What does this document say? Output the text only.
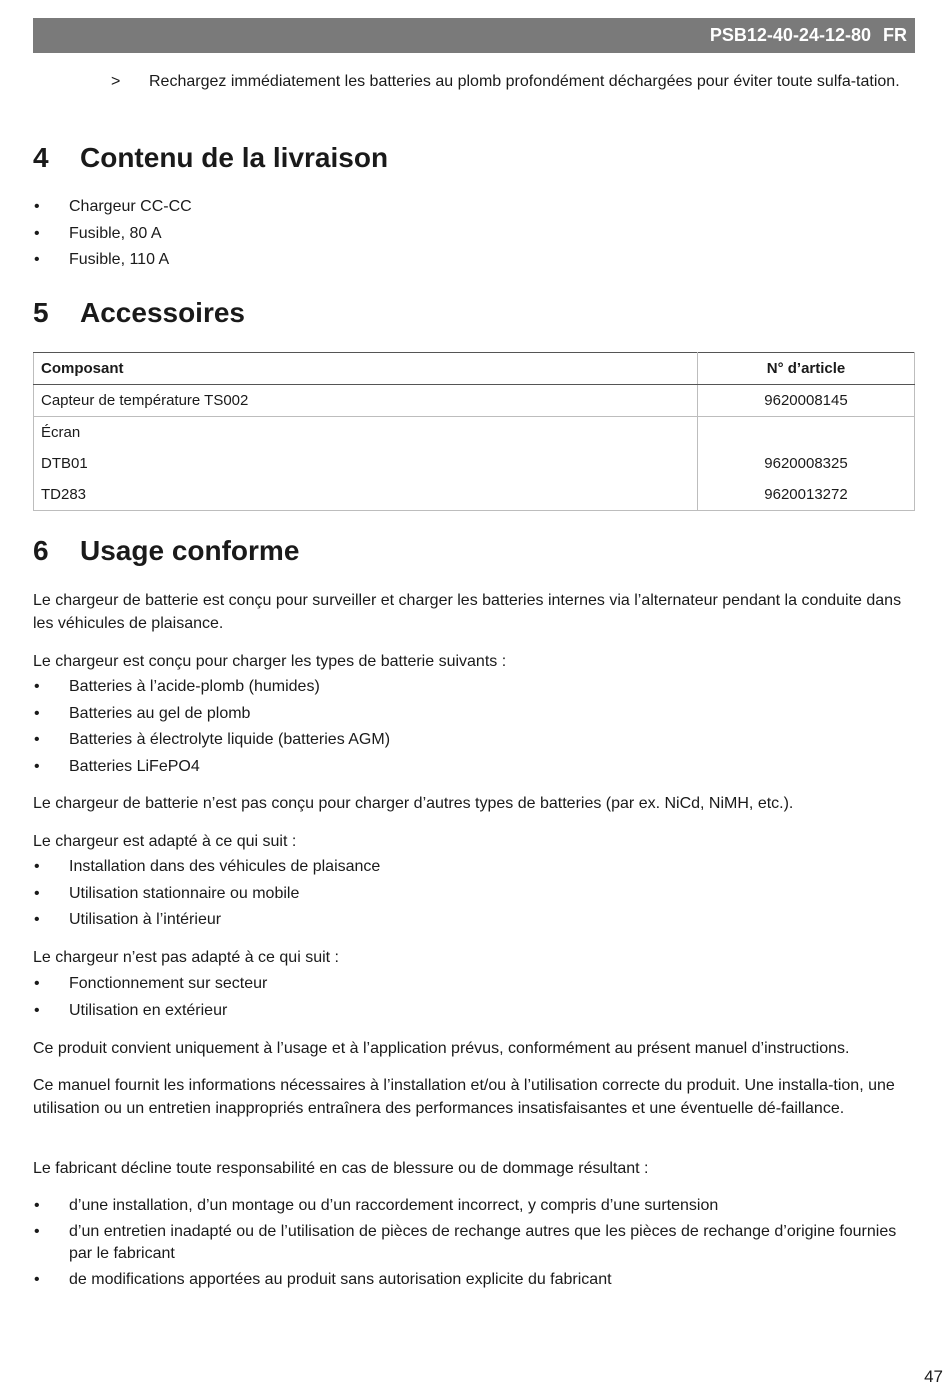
PSB12-40-24-12-80 FR
> Rechargez immédiatement les batteries au plomb profondément déchargées pour éviter toute sulfa-tation.
4 Contenu de la livraison
• Chargeur CC-CC
• Fusible, 80 A
• Fusible, 110 A
5 Accessoires
Composant	N° d’article
Capteur de température TS002	9620008145
Écran	
DTB01	9620008325
TD283	9620013272
6 Usage conforme

Le chargeur de batterie est conçu pour surveiller et charger les batteries internes via l’alternateur pendant la conduite dans les véhicules de plaisance.

Le chargeur est conçu pour charger les types de batterie suivants :

• Batteries à l’acide-plomb (humides)
• Batteries au gel de plomb
• Batteries à électrolyte liquide (batteries AGM)
• Batteries LiFePO4

Le chargeur de batterie n’est pas conçu pour charger d’autres types de batteries (par ex. NiCd, NiMH, etc.).

Le chargeur est adapté à ce qui suit :

• Installation dans des véhicules de plaisance
• Utilisation stationnaire ou mobile
• Utilisation à l’intérieur

Le chargeur n’est pas adapté à ce qui suit :

• Fonctionnement sur secteur
• Utilisation en extérieur

Ce produit convient uniquement à l’usage et à l’application prévus, conformément au présent manuel d’instructions.

Ce manuel fournit les informations nécessaires à l’installation et/ou à l’utilisation correcte du produit. Une installa-tion, une utilisation ou un entretien inappropriés entraînera des performances insatisfaisantes et une éventuelle dé-faillance.

Le fabricant décline toute responsabilité en cas de blessure ou de dommage résultant :

• d’une installation, d’un montage ou d’un raccordement incorrect, y compris d’une surtension
• d’un entretien inadapté ou de l’utilisation de pièces de rechange autres que les pièces de rechange d’origine fournies par le fabricant
• de modifications apportées au produit sans autorisation explicite du fabricant
47
